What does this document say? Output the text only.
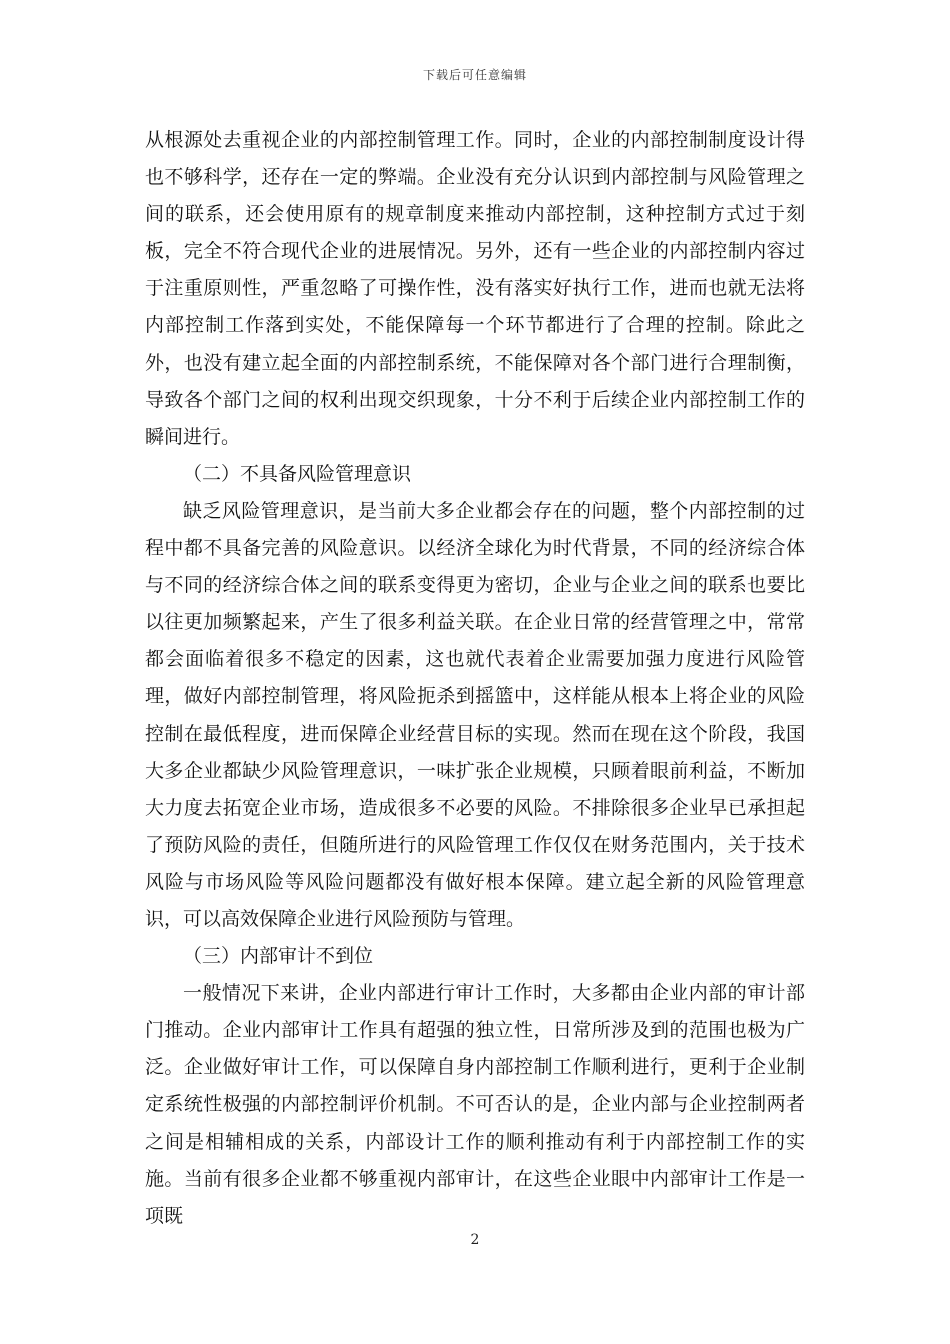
下载后可任意编辑

从根源处去重视企业的内部控制管理工作。同时，企业的内部控制制度设计得也不够科学，还存在一定的弊端。企业没有充分认识到内部控制与风险管理之间的联系，还会使用原有的规章制度来推动内部控制，这种控制方式过于刻板，完全不符合现代企业的进展情况。另外，还有一些企业的内部控制内容过于注重原则性，严重忽略了可操作性，没有落实好执行工作，进而也就无法将内部控制工作落到实处，不能保障每一个环节都进行了合理的控制。除此之外，也没有建立起全面的内部控制系统，不能保障对各个部门进行合理制衡，导致各个部门之间的权利出现交织现象，十分不利于后续企业内部控制工作的瞬间进行。

（二）不具备风险管理意识

缺乏风险管理意识，是当前大多企业都会存在的问题，整个内部控制的过程中都不具备完善的风险意识。以经济全球化为时代背景，不同的经济综合体与不同的经济综合体之间的联系变得更为密切，企业与企业之间的联系也要比以往更加频繁起来，产生了很多利益关联。在企业日常的经营管理之中，常常都会面临着很多不稳定的因素，这也就代表着企业需要加强力度进行风险管理，做好内部控制管理，将风险扼杀到摇篮中，这样能从根本上将企业的风险控制在最低程度，进而保障企业经营目标的实现。然而在现在这个阶段，我国大多企业都缺少风险管理意识，一味扩张企业规模，只顾着眼前利益，不断加大力度去拓宽企业市场，造成很多不必要的风险。不排除很多企业早已承担起了预防风险的责任，但随所进行的风险管理工作仅仅在财务范围内，关于技术风险与市场风险等风险问题都没有做好根本保障。建立起全新的风险管理意识，可以高效保障企业进行风险预防与管理。

（三）内部审计不到位

一般情况下来讲，企业内部进行审计工作时，大多都由企业内部的审计部门推动。企业内部审计工作具有超强的独立性，日常所涉及到的范围也极为广泛。企业做好审计工作，可以保障自身内部控制工作顺利进行，更利于企业制定系统性极强的内部控制评价机制。不可否认的是，企业内部与企业控制两者之间是相辅相成的关系，内部设计工作的顺利推动有利于内部控制工作的实施。当前有很多企业都不够重视内部审计，在这些企业眼中内部审计工作是一项既

2
